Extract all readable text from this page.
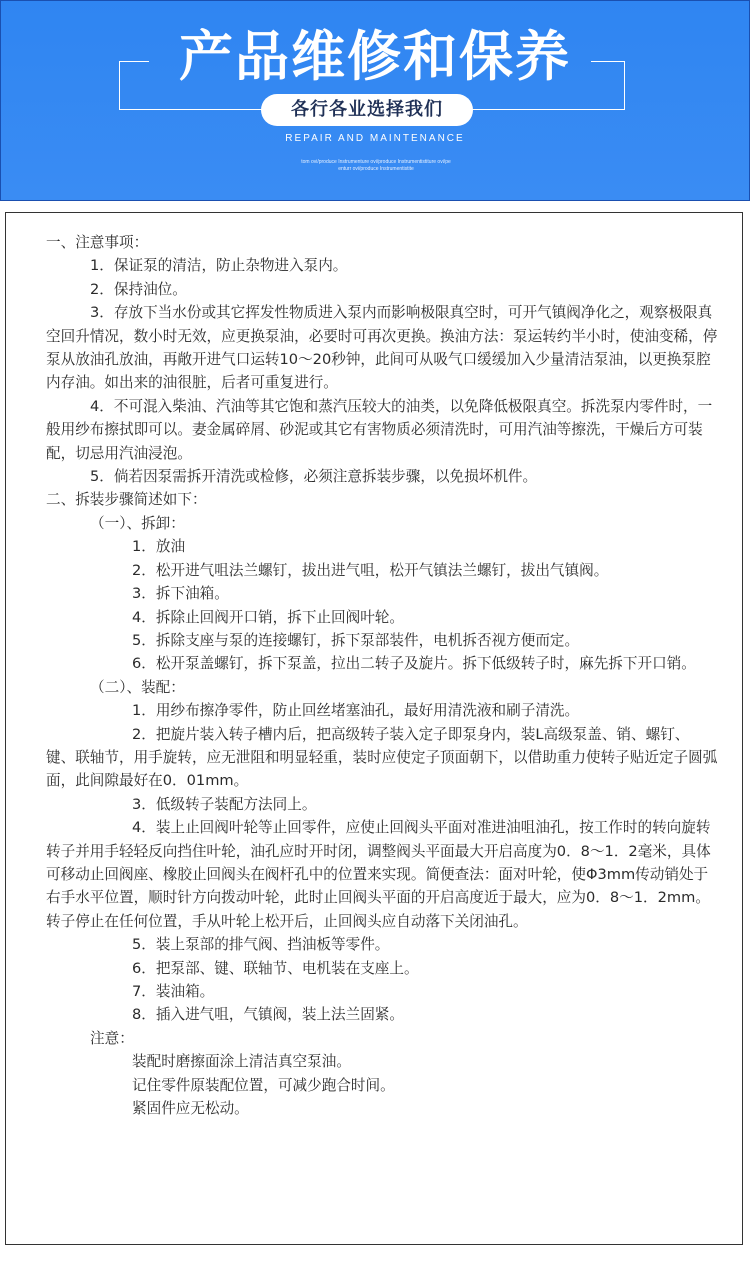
产品维修和保养
各行各业选择我们
REPAIR AND MAINTENANCE
tom ovi/produce Instrumenture ovi/produce Instrumentistiture ovi/pe
enturr ovi/produce Instrumentistite

一、注意事项：

1．保证泵的清洁，防止杂物进入泵内。

2．保持油位。

3．存放下当水份或其它挥发性物质进入泵内而影响极限真空时，可开气镇阀净化之，观察极限真空回升情况，数小时无效，应更换泵油，必要时可再次更换。换油方法：泵运转约半小时，使油变稀，停泵从放油孔放油，再敞开进气口运转10～20秒钟，此间可从吸气口缓缓加入少量清洁泵油，以更换泵腔内存油。如出来的油很脏，后者可重复进行。

4．不可混入柴油、汽油等其它饱和蒸汽压较大的油类，以免降低极限真空。拆洗泵内零件时，一般用纱布擦拭即可以。妻金属碎屑、砂泥或其它有害物质必须清洗时，可用汽油等擦洗，干燥后方可装配，切忌用汽油浸泡。

5．倘若因泵需拆开清洗或检修，必须注意拆装步骤，以免损坏机件。

二、拆装步骤简述如下：

（一）、拆卸：

1．放油

2．松开进气咀法兰螺钉，拔出进气咀，松开气镇法兰螺钉，拔出气镇阀。

3．拆下油箱。

4．拆除止回阀开口销，拆下止回阀叶轮。

5．拆除支座与泵的连接螺钉，拆下泵部装件，电机拆否视方便而定。

6．松开泵盖螺钉，拆下泵盖，拉出二转子及旋片。拆下低级转子时，麻先拆下开口销。

（二）、装配：

1．用纱布擦净零件，防止回丝堵塞油孔，最好用清洗液和刷子清洗。

2．把旋片装入转子槽内后，把高级转子装入定子即泵身内，装L高级泵盖、销、螺钉、键、联轴节，用手旋转，应无泄阻和明显轻重，装时应使定子顶面朝下，以借助重力使转子贴近定子圆弧面，此间隙最好在0．01mm。

3．低级转子装配方法同上。

4．装上止回阀叶轮等止回零件，应使止回阀头平面对准进油咀油孔，按工作时的转向旋转转子并用手轻轻反向挡住叶轮，油孔应时开时闭，调整阀头平面最大开启高度为0．8～1．2毫米，具体可移动止回阀座、橡胶止回阀头在阀杆孔中的位置来实现。简便查法：面对叶轮，使Φ3mm传动销处于右手水平位置，顺时针方向拨动叶轮，此时止回阀头平面的开启高度近于最大，应为0．8～1．2mm。转子停止在任何位置，手从叶轮上松开后，止回阀头应自动落下关闭油孔。

5．装上泵部的排气阀、挡油板等零件。

6．把泵部、键、联轴节、电机装在支座上。

7．装油箱。

8．插入进气咀，气镇阀，装上法兰固紧。

注意：

装配时磨擦面涂上清洁真空泵油。

记住零件原装配位置，可减少跑合时间。

紧固件应无松动。
